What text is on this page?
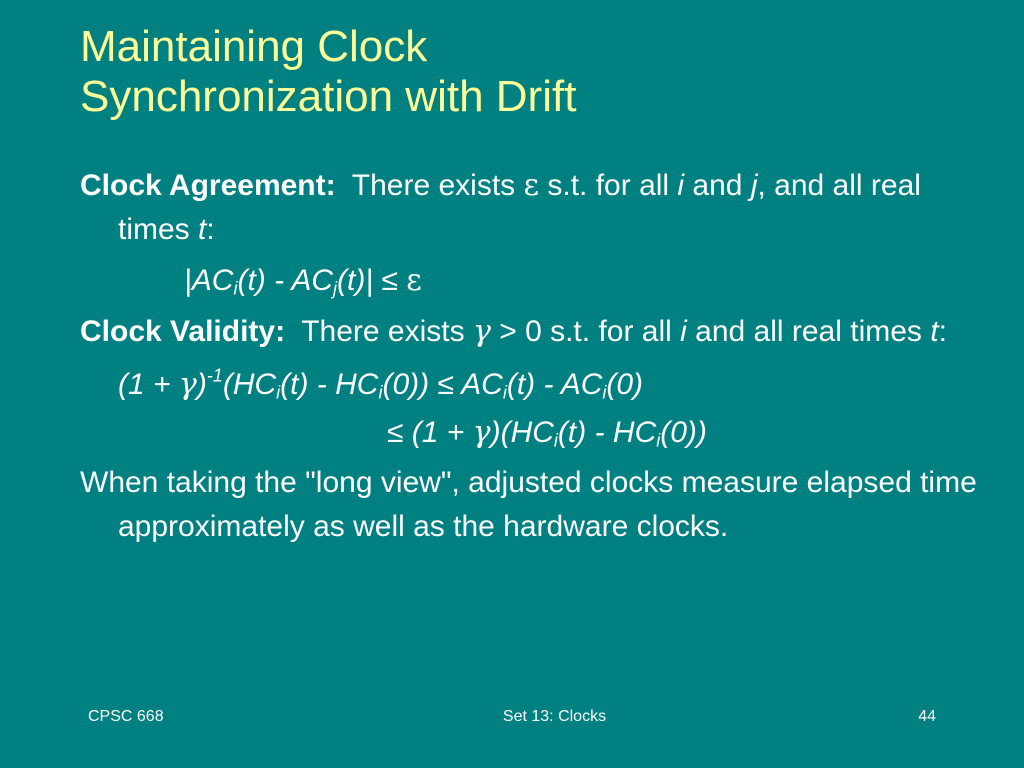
Maintaining Clock
Synchronization with Drift

Clock Agreement: There exists ε s.t. for all i and j, and all real times t:

$|AC_i(t) - AC_j(t)| \le \varepsilon$

Clock Validity: There exists γ > 0 s.t. for all i and all real times t:

$(1 + \gamma)^{-1}(HC_i(t) - HC_i(0)) \le AC_i(t) - AC_i(0)$

≤ $(1 + \gamma)(HC_i(t) - HC_i(0))$

When taking the "long view", adjusted clocks measure elapsed time approximately as well as the hardware clocks.

CPSC 668	Set 13: Clocks	44
